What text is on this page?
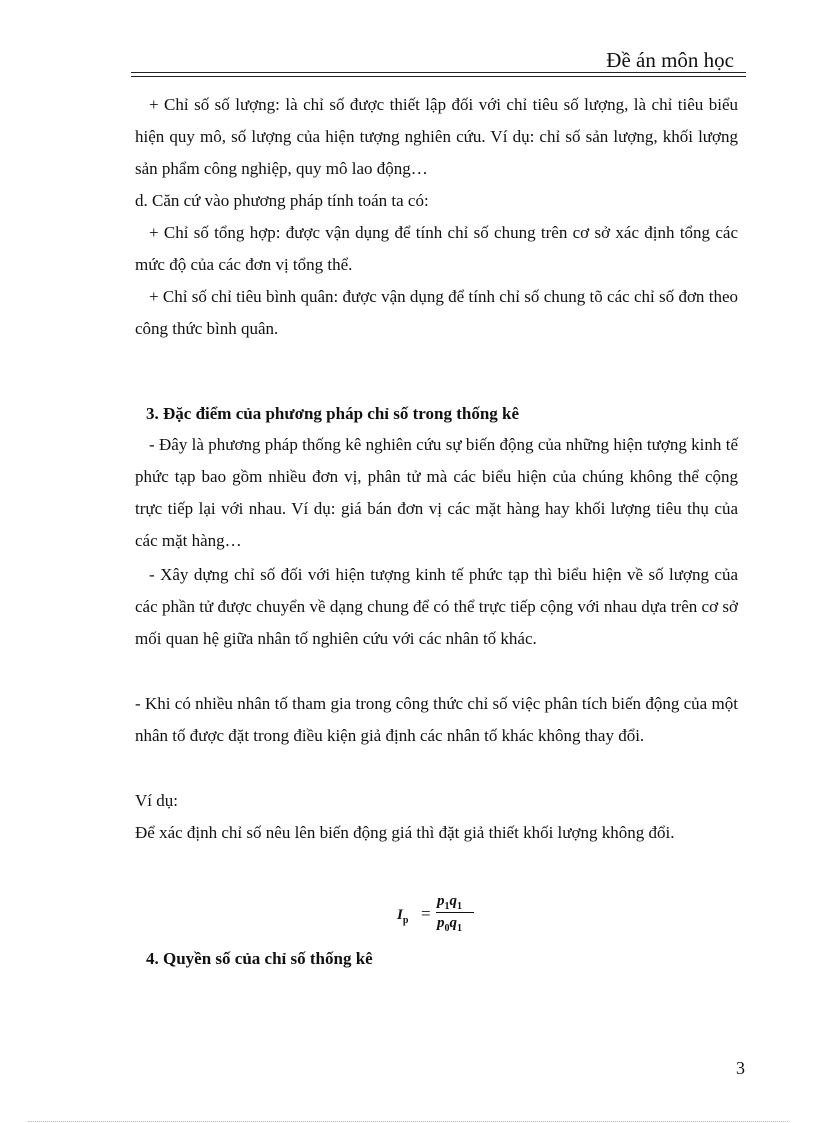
Đề án môn học
+ Chỉ số số lượng: là chỉ số được thiết lập đối với chỉ tiêu số lượng, là chỉ tiêu biểu hiện quy mô, số lượng của hiện tượng nghiên cứu. Ví dụ: chỉ số sản lượng, khối lượng sản phẩm công nghiệp, quy mô lao động…
d. Căn cứ vào phương pháp tính toán ta có:
+ Chỉ số tổng hợp: được vận dụng để tính chỉ số chung trên cơ sở xác định tổng các mức độ của các đơn vị tổng thể.
+ Chỉ số chỉ tiêu bình quân: được vận dụng để tính chỉ số chung tõ các chỉ số đơn theo công thức bình quân.
3. Đặc điểm của phương pháp chỉ số trong thống kê
- Đây là phương pháp thống kê nghiên cứu sự biến động của những hiện tượng kinh tế phức tạp bao gồm nhiều đơn vị, phân tử mà các biểu hiện của chúng không thể cộng trực tiếp lại với nhau. Ví dụ: giá bán đơn vị các mặt hàng hay khối lượng tiêu thụ của các mặt hàng…
- Xây dựng chỉ số đối với hiện tượng kinh tế phức tạp thì biểu hiện về số lượng của các phần tử được chuyển về dạng chung để có thể trực tiếp cộng với nhau dựa trên cơ sở mối quan hệ giữa nhân tố nghiên cứu với các nhân tố khác.
- Khi có nhiều nhân tố tham gia trong công thức chỉ số việc phân tích biến động của một nhân tố được đặt trong điều kiện giả định các nhân tố khác không thay đổi.
Ví dụ:
Để xác định chỉ số nêu lên biến động giá thì đặt giả thiết khối lượng không đổi.
$I_p$ =
$p_1q_1$
$p_0q_1$
4. Quyền số của chỉ số thống kê
3
